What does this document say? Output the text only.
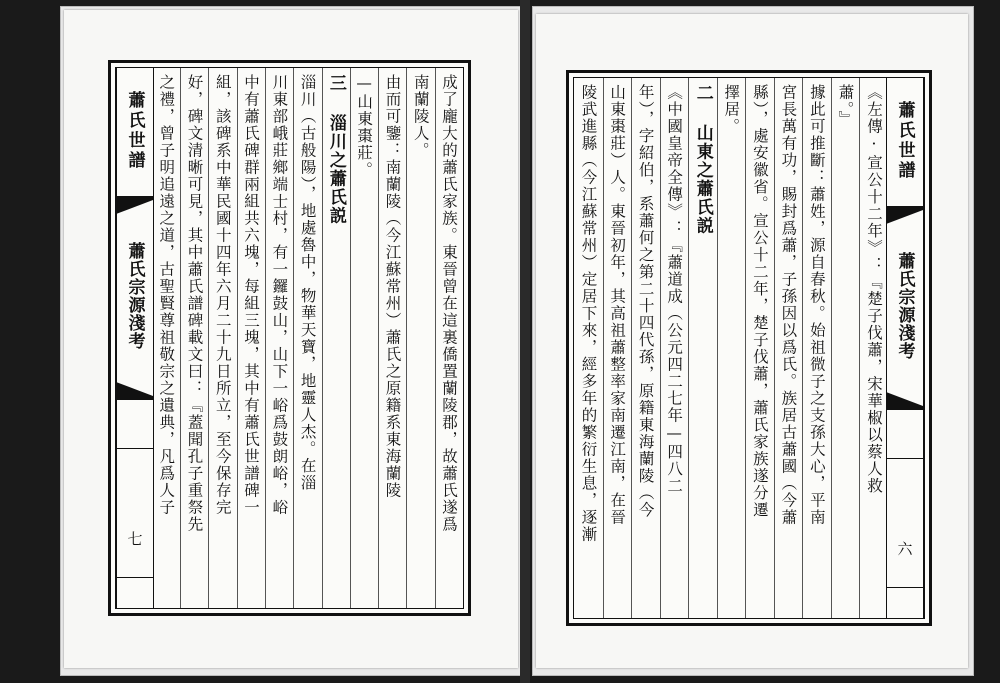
蕭氏世譜
蕭氏宗源淺考
七
成了龐大的蕭氏家族。東晉曾在這裏僑置蘭陵郡，故蕭氏遂爲
南蘭陵人。
由而可鑒：南蘭陵（今江蘇常州）蕭氏之原籍系東海蘭陵
—山東棗莊。
三 淄川之蕭氏説
淄川（古般陽），地處魯中，物華天寶，地靈人杰。在淄
川東部峨莊鄉端士村，有一鑼鼓山，山下一峪爲鼓朗峪，峪
中有蕭氏碑群兩組共六塊，每組三塊，其中有蕭氏世譜碑一
組，該碑系中華民國十四年六月二十九日所立，至今保存完
好，碑文清晰可見，其中蕭氏譜碑載文曰：『蓋聞孔子重祭先
之禮，曾子明追遠之道，古聖賢尊祖敬宗之遺典，凡爲人子	《左傳·宣公十二年》：『楚子伐蕭，宋華椒以蔡人救
蕭。』
據此可推斷：蕭姓，源自春秋。始祖微子之支孫大心，平南
宮長萬有功，賜封爲蕭，子孫因以爲氏。族居古蕭國（今蕭
縣），處安徽省。宣公十二年，楚子伐蕭，蕭氏家族遂分遷
擇居。
二 山東之蕭氏説
《中國皇帝全傳》：『蕭道成（公元四二七年—四八二
年），字紹伯，系蕭何之第二十四代孫，原籍東海蘭陵（今
山東棗莊）人。東晉初年，其高祖蕭整率家南遷江南，在晉
陵武進縣（今江蘇常州）定居下來，經多年的繁衍生息，逐漸	蕭氏世譜
蕭氏宗源淺考
六
